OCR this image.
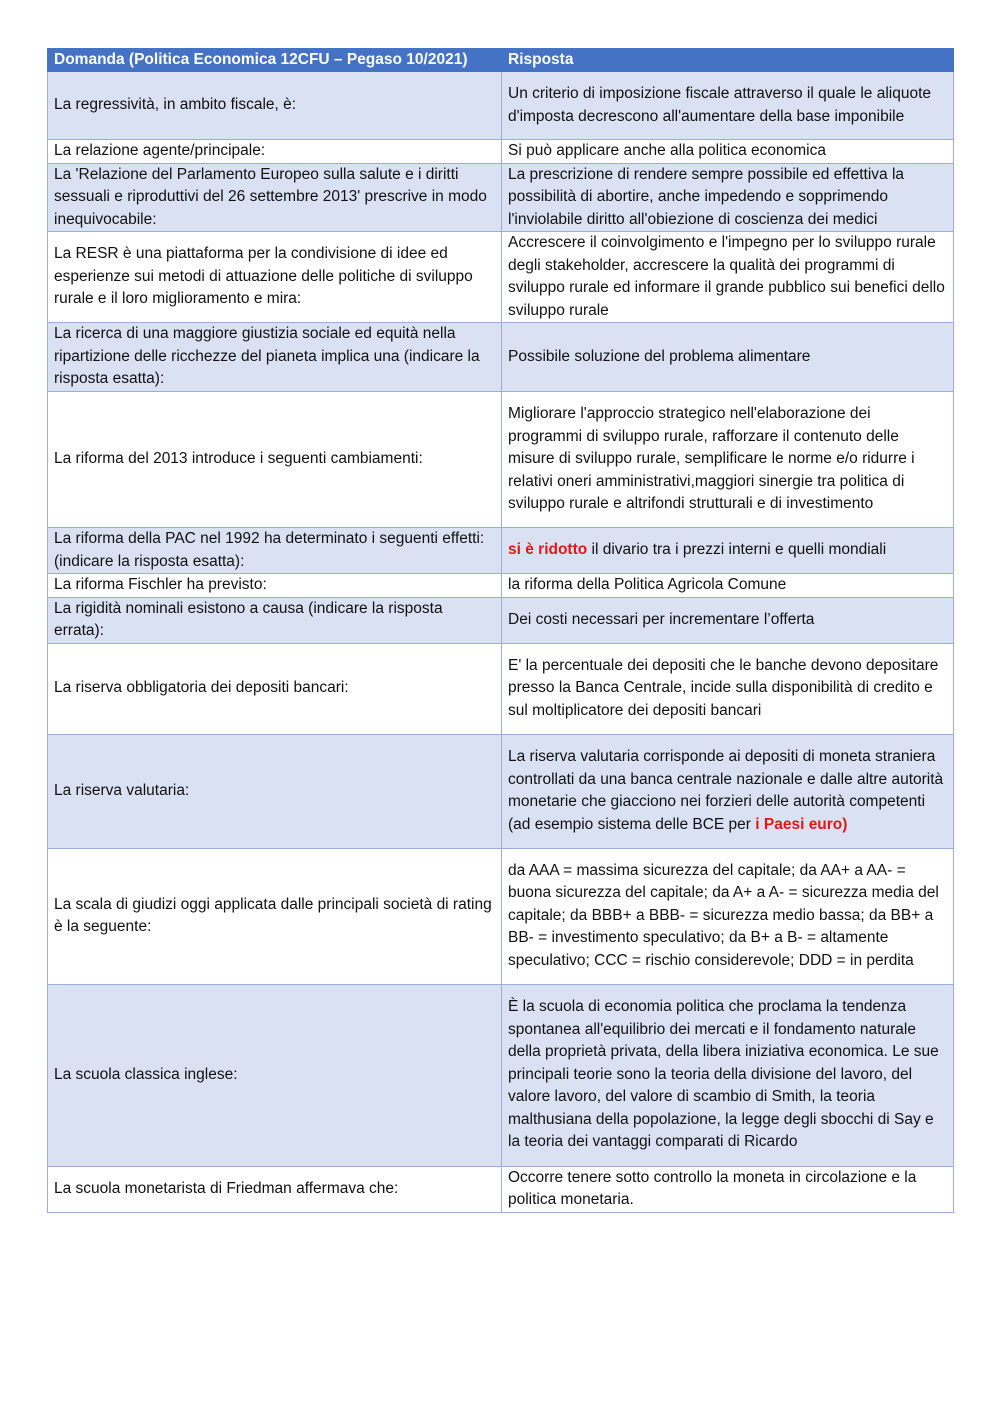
Domanda (Politica Economica 12CFU – Pegaso 10/2021)	Risposta
La regressività, in ambito fiscale, è:	Un criterio di imposizione fiscale attraverso il quale le aliquote d'imposta decrescono all'aumentare della base imponibile
La relazione agente/principale:	Si può applicare anche alla politica economica
La 'Relazione del Parlamento Europeo sulla salute e i diritti sessuali e riproduttivi del 26 settembre 2013' prescrive in modo inequivocabile:	La prescrizione di rendere sempre possibile ed effettiva la possibilità di abortire, anche impedendo e sopprimendo l'inviolabile diritto all'obiezione di coscienza dei medici
La RESR è una piattaforma per la condivisione di idee ed esperienze sui metodi di attuazione delle politiche di sviluppo rurale e il loro miglioramento e mira:	Accrescere il coinvolgimento e l'impegno per lo sviluppo rurale degli stakeholder, accrescere la qualità dei programmi di sviluppo rurale ed informare il grande pubblico sui benefici dello sviluppo rurale
La ricerca di una maggiore giustizia sociale ed equità nella ripartizione delle ricchezze del pianeta implica una (indicare la risposta esatta):	Possibile soluzione del problema alimentare
La riforma del 2013 introduce i seguenti cambiamenti:	Migliorare l'approccio strategico nell'elaborazione dei programmi di sviluppo rurale, rafforzare il contenuto delle misure di sviluppo rurale, semplificare le norme e/o ridurre i relativi oneri amministrativi,maggiori sinergie tra politica di sviluppo rurale e altrifondi strutturali e di investimento
La riforma della PAC nel 1992 ha determinato i seguenti effetti: (indicare la risposta esatta):	si è ridotto il divario tra i prezzi interni e quelli mondiali
La riforma Fischler ha previsto:	la riforma della Politica Agricola Comune
La rigidità nominali esistono a causa (indicare la risposta errata):	Dei costi necessari per incrementare l’offerta
La riserva obbligatoria dei depositi bancari:	E' la percentuale dei depositi che le banche devono depositare presso la Banca Centrale, incide sulla disponibilità di credito e sul moltiplicatore dei depositi bancari
La riserva valutaria:	La riserva valutaria corrisponde ai depositi di moneta straniera controllati da una banca centrale nazionale e dalle altre autorità monetarie che giacciono nei forzieri delle autorità competenti (ad esempio sistema delle BCE per i Paesi euro)
La scala di giudizi oggi applicata dalle principali società di rating è la seguente:	da AAA = massima sicurezza del capitale; da AA+ a AA- = buona sicurezza del capitale; da A+ a A- = sicurezza media del capitale; da BBB+ a BBB- = sicurezza medio bassa; da BB+ a BB- = investimento speculativo; da B+ a B- = altamente speculativo; CCC = rischio considerevole; DDD = in perdita
La scuola classica inglese:	È la scuola di economia politica che proclama la tendenza spontanea all'equilibrio dei mercati e il fondamento naturale della proprietà privata, della libera iniziativa economica. Le sue principali teorie sono la teoria della divisione del lavoro, del valore lavoro, del valore di scambio di Smith, la teoria malthusiana della popolazione, la legge degli sbocchi di Say e la teoria dei vantaggi comparati di Ricardo
La scuola monetarista di Friedman affermava che:	Occorre tenere sotto controllo la moneta in circolazione e la politica monetaria.
